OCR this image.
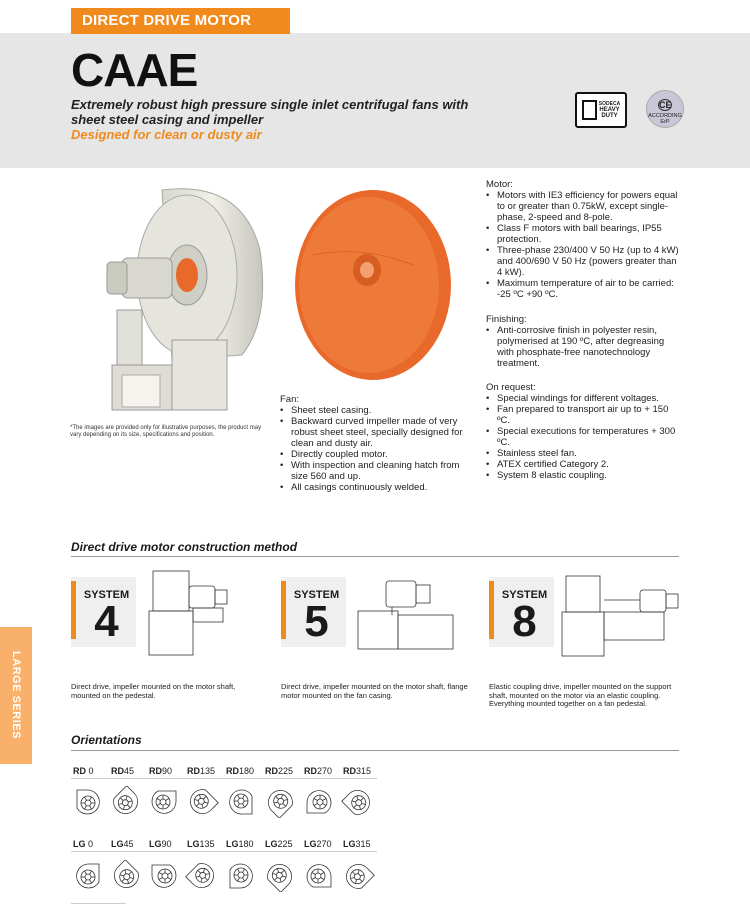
DIRECT DRIVE MOTOR
CAAE
Extremely robust high pressure single inlet centrifugal fans with sheet steel casing and impeller
Designed for clean or dusty air
SODECA
HEAVY DUTY
CE
ACCORDING
ErP
*The images are provided only for illustrative purposes, the product may vary depending on its size, specifications and position.
Fan:
• Sheet steel casing.
• Backward curved impeller made of very robust sheet steel, specially designed for clean and dusty air.
• Directly coupled motor.
• With inspection and cleaning hatch from size 560 and up.
• All casings continuously welded.
Motor:
• Motors with IE3 efficiency for powers equal to or greater than 0.75kW, except single-phase, 2-speed and 8-pole.
• Class F motors with ball bearings, IP55 protection.
• Three-phase 230/400 V 50 Hz (up to 4 kW) and 400/690 V 50 Hz (powers greater than 4 kW).
• Maximum temperature of air to be carried: -25 ºC +90 ºC.
Finishing:
• Anti-corrosive finish in polyester resin, polymerised at 190 ºC, after degreasing with phosphate-free nanotechnology treatment.
On request:
• Special windings for different voltages.
• Fan prepared to transport air up to + 150 ºC.
• Special executions for temperatures + 300 ºC.
• Stainless steel fan.
• ATEX certified Category 2.
• System 8 elastic coupling.
Direct drive motor construction method
SYSTEM
4
Direct drive, impeller mounted on the motor shaft, mounted on the pedestal.
SYSTEM
5
Direct drive, impeller mounted on the motor shaft, flange motor mounted on the fan casing.
SYSTEM
8
Elastic coupling drive, impeller mounted on the support shaft, mounted on the motor via an elastic coupling. Everything mounted together on a fan pedestal.
LARGE SERIES
Orientations
RD 0	RD45	RD90	RD135	RD180	RD225	RD270	RD315
LG 0	LG45	LG90	LG135	LG180	LG225	LG270	LG315
